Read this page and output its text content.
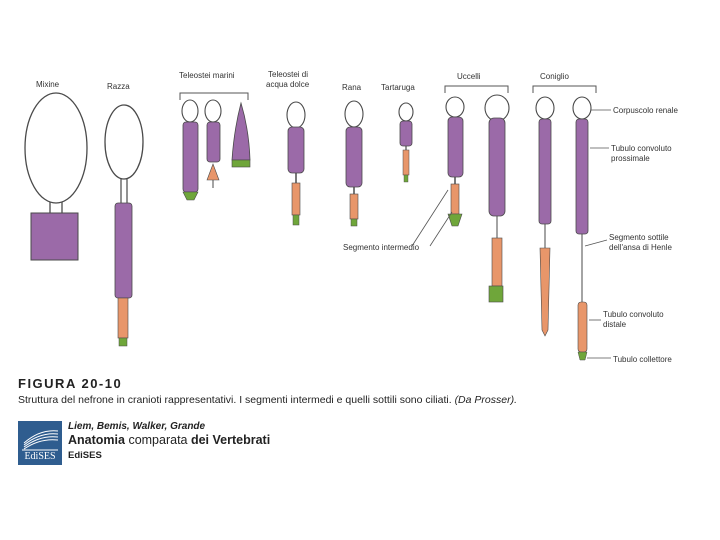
Mixine	Razza
Teleostei marini	Teleostei di
acqua dolce	Rana Tartaruga
Uccelli	Coniglio
Corpuscolo renale
Tubulo convoluto
prossimale
Segmento sottile
dell'ansa di Henle
Tubulo convoluto
distale
Tubulo collettore
Segmento intermedio
FIGURA 20-10
Struttura del nefrone in cranioti rappresentativi. I segmenti intermedi e quelli sottili sono ciliati. (Da Prosser).
EdiSES
Liem, Bemis, Walker, Grande
Anatomia comparata dei Vertebrati
EdiSES
